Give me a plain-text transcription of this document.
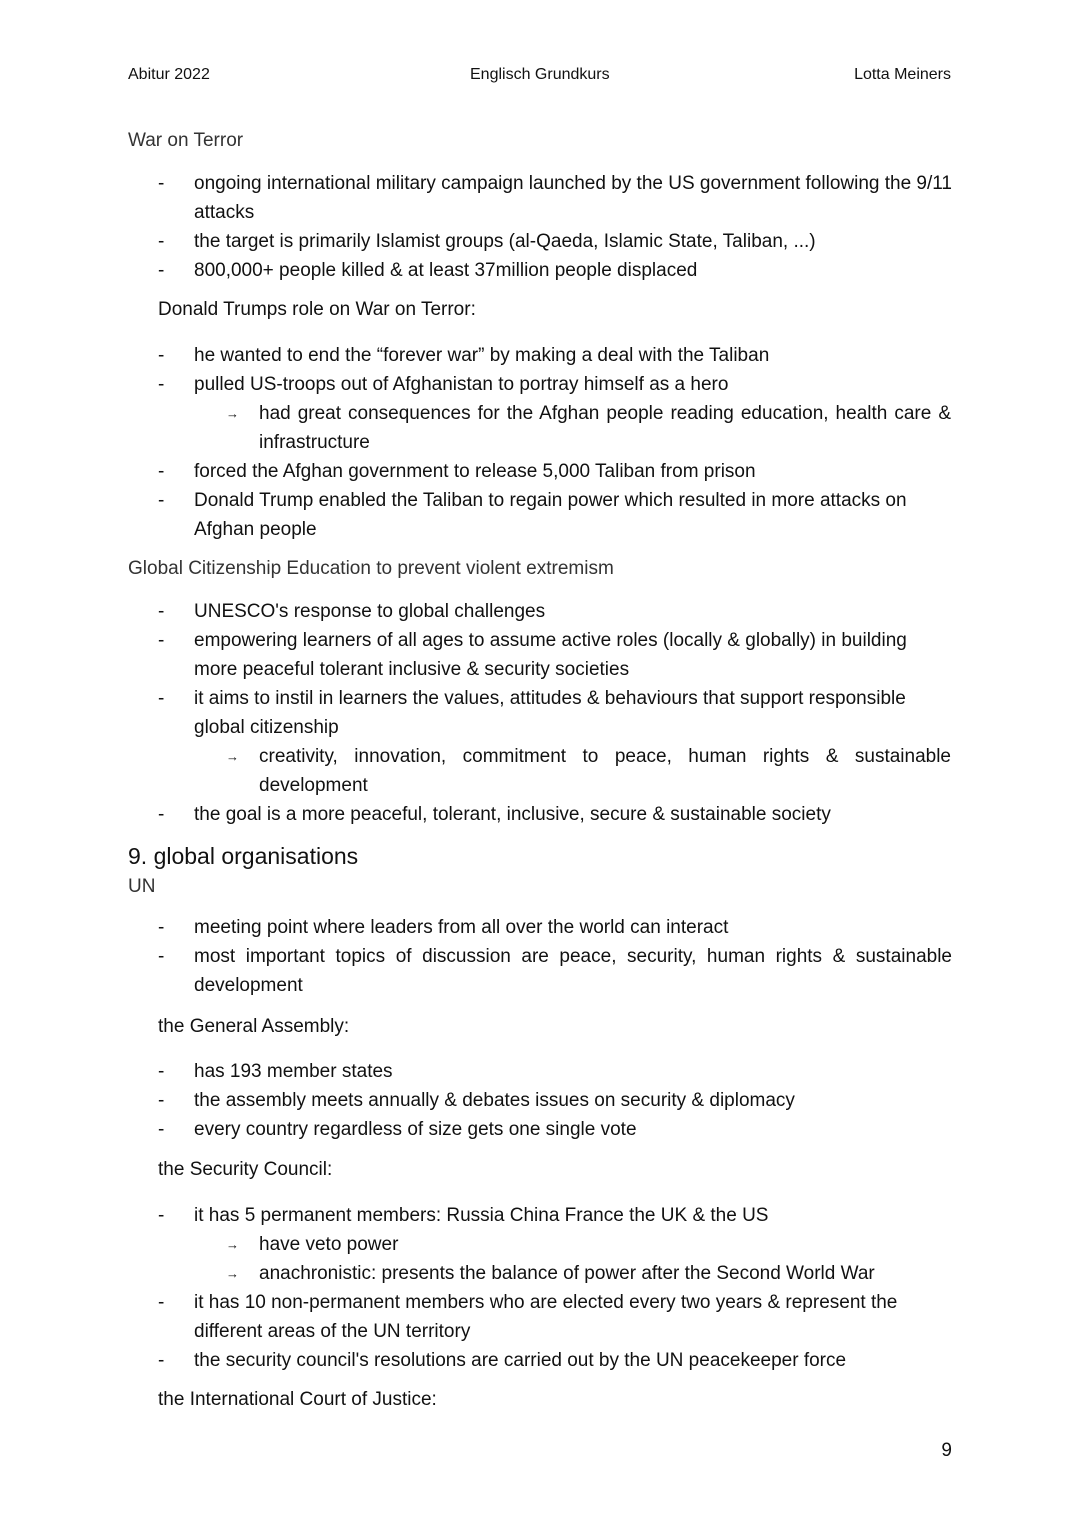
Abitur 2022	Englisch Grundkurs	Lotta Meiners
War on Terror
- ongoing international military campaign launched by the US government following the 9/11 attacks
- the target is primarily Islamist groups (al-Qaeda, Islamic State, Taliban, ...)
- 800,000+ people killed & at least 37million people displaced
Donald Trumps role on War on Terror:
- he wanted to end the “forever war” by making a deal with the Taliban
- pulled US-troops out of Afghanistan to portray himself as a hero
→ had great consequences for the Afghan people reading education, health care & infrastructure
- forced the Afghan government to release 5,000 Taliban from prison
- Donald Trump enabled the Taliban to regain power which resulted in more attacks on Afghan people
Global Citizenship Education to prevent violent extremism
- UNESCO's response to global challenges
- empowering learners of all ages to assume active roles (locally & globally) in building more peaceful tolerant inclusive & security societies
- it aims to instil in learners the values, attitudes & behaviours that support responsible global citizenship
→ creativity, innovation, commitment to peace, human rights & sustainable development
- the goal is a more peaceful, tolerant, inclusive, secure & sustainable society
9. global organisations
UN
- meeting point where leaders from all over the world can interact
- most important topics of discussion are peace, security, human rights & sustainable development
the General Assembly:
- has 193 member states
- the assembly meets annually & debates issues on security & diplomacy
- every country regardless of size gets one single vote
the Security Council:
- it has 5 permanent members: Russia China France the UK & the US
→ have veto power
→ anachronistic: presents the balance of power after the Second World War
- it has 10 non-permanent members who are elected every two years & represent the different areas of the UN territory
- the security council's resolutions are carried out by the UN peacekeeper force
the International Court of Justice:
9
